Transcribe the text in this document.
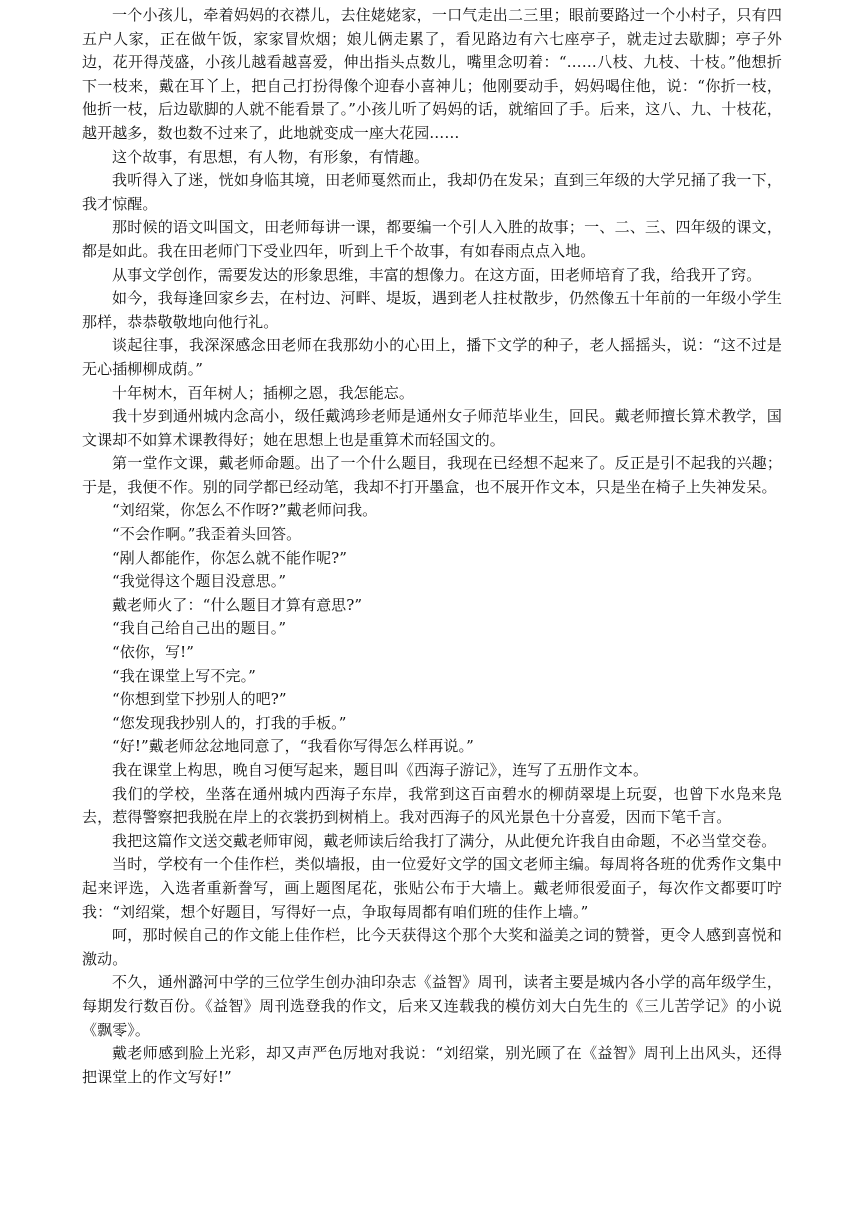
一个小孩儿，牵着妈妈的衣襟儿，去住姥姥家，一口气走出二三里；眼前要路过一个小村子，只有四五户人家，正在做午饭，家家冒炊烟；娘儿俩走累了，看见路边有六七座亭子，就走过去歇脚；亭子外边，花开得茂盛，小孩儿越看越喜爱，伸出指头点数儿，嘴里念叨着：“……八枝、九枝、十枝。”他想折下一枝来，戴在耳丫上，把自己打扮得像个迎春小喜神儿；他刚要动手，妈妈喝住他，说：“你折一枝，他折一枝，后边歇脚的人就不能看景了。”小孩儿听了妈妈的话，就缩回了手。后来，这八、九、十枝花，越开越多，数也数不过来了，此地就变成一座大花园……

这个故事，有思想，有人物，有形象，有情趣。

我听得入了迷，恍如身临其境，田老师戛然而止，我却仍在发呆；直到三年级的大学兄捅了我一下，我才惊醒。

那时候的语文叫国文，田老师每讲一课，都要编一个引人入胜的故事；一、二、三、四年级的课文，都是如此。我在田老师门下受业四年，听到上千个故事，有如春雨点点入地。

从事文学创作，需要发达的形象思维，丰富的想像力。在这方面，田老师培育了我，给我开了窍。

如今，我每逢回家乡去，在村边、河畔、堤坂，遇到老人拄杖散步，仍然像五十年前的一年级小学生那样，恭恭敬敬地向他行礼。

谈起往事，我深深感念田老师在我那幼小的心田上，播下文学的种子，老人摇摇头，说：“这不过是无心插柳柳成荫。”

十年树木，百年树人；插柳之恩，我怎能忘。

我十岁到通州城内念高小，级任戴鸿珍老师是通州女子师范毕业生，回民。戴老师擅长算术教学，国文课却不如算术课教得好；她在思想上也是重算术而轻国文的。

第一堂作文课，戴老师命题。出了一个什么题目，我现在已经想不起来了。反正是引不起我的兴趣；于是，我便不作。别的同学都已经动笔，我却不打开墨盒，也不展开作文本，只是坐在椅子上失神发呆。

“刘绍棠，你怎么不作呀?”戴老师问我。

“不会作啊。”我歪着头回答。

“剐人都能作，你怎么就不能作呢?”

“我觉得这个题目没意思。”

戴老师火了：“什么题目才算有意思?”

“我自己给自己出的题目。”

“依你，写!”

“我在课堂上写不完。”

“你想到堂下抄别人的吧?”

“您发现我抄别人的，打我的手板。”

“好!”戴老师忿忿地同意了，“我看你写得怎么样再说。”

我在课堂上构思，晚自习便写起来，题目叫《西海子游记》，连写了五册作文本。

我们的学校，坐落在通州城内西海子东岸，我常到这百亩碧水的柳荫翠堤上玩耍，也曾下水凫来凫去，惹得警察把我脱在岸上的衣裳扔到树梢上。我对西海子的风光景色十分喜爱，因而下笔千言。

我把这篇作文送交戴老师审阅，戴老师读后给我打了满分，从此便允许我自由命题，不必当堂交卷。

当时，学校有一个佳作栏，类似墙报，由一位爱好文学的国文老师主编。每周将各班的优秀作文集中起来评选，入选者重新誊写，画上题图尾花，张贴公布于大墙上。戴老师很爱面子，每次作文都要叮咛我：“刘绍棠，想个好题目，写得好一点，争取每周都有咱们班的佳作上墙。”

呵，那时候自己的作文能上佳作栏，比今天获得这个那个大奖和溢美之词的赞誉，更令人感到喜悦和激动。

不久，通州潞河中学的三位学生创办油印杂志《益智》周刊，读者主要是城内各小学的高年级学生，每期发行数百份。《益智》周刊选登我的作文，后来又连载我的模仿刘大白先生的《三儿苦学记》的小说《飘零》。

戴老师感到脸上光彩，却又声严色厉地对我说：“刘绍棠，别光顾了在《益智》周刊上出风头，还得把课堂上的作文写好!”
